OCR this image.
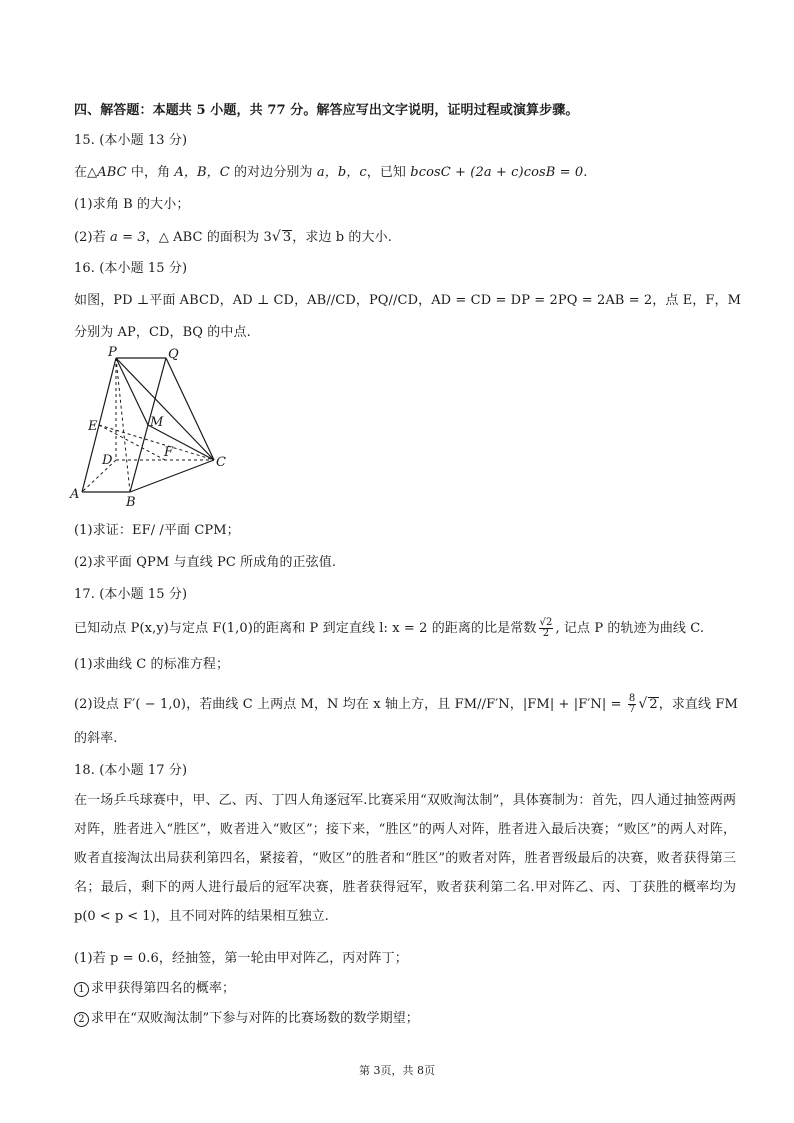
四、解答题：本题共 5 小题，共 77 分。解答应写出文字说明，证明过程或演算步骤。
15. (本小题 13 分)
在△ABC 中，角 A，B，C 的对边分别为 a，b，c，已知 bcosC + (2a + c)cosB = 0.
(1)求角 B 的大小；
(2)若 a = 3，△ ABC 的面积为 3√ 3，求边 b 的大小.
16. (本小题 15 分)
如图，PD ⊥平面 ABCD，AD ⊥ CD，AB//CD，PQ//CD，AD = CD = DP = 2PQ = 2AB = 2，点 E，F，M
分别为 AP，CD，BQ 的中点.
P	Q
E	M
D
F
C
A
B
(1)求证：EF/ /平面 CPM；
(2)求平面 QPM 与直线 PC 所成角的正弦值.
17. (本小题 15 分)
已知动点 P(x,y)与定点 F(1,0)的距离和 P 到定直线 l: x = 2 的距离的比是常数 $\frac{√2}{2}$ , 记点 P 的轨迹为曲线 C.
(1)求曲线 C 的标准方程；
(2)设点 F′( − 1,0)，若曲线 C 上两点 M，N 均在 x 轴上方，且 FM//F′N，$|FM| + |F'N| = \frac{8}{7}$ √ 2，求直线 FM
的斜率.
18. (本小题 17 分)
在一场乒乓球赛中，甲、乙、丙、丁四人角逐冠军.比赛采用“双败淘汰制”，具体赛制为：首先，四人通过抽签两两对阵，胜者进入“胜区”，败者进入“败区”；接下来，“胜区”的两人对阵，胜者进入最后决赛；“败区”的两人对阵，败者直接淘汰出局获利第四名，紧接着，“败区”的胜者和“胜区”的败者对阵，胜者晋级最后的决赛，败者获得第三名；最后，剩下的两人进行最后的冠军决赛，胜者获得冠军，败者获利第二名.甲对阵乙、丙、丁获胜的概率均为 p(0 < p < 1)，且不同对阵的结果相互独立.
(1)若 p = 0.6，经抽签，第一轮由甲对阵乙，丙对阵丁；
1 求甲获得第四名的概率；
2 求甲在“双败淘汰制”下参与对阵的比赛场数的数学期望；
第 3页，共 8页
